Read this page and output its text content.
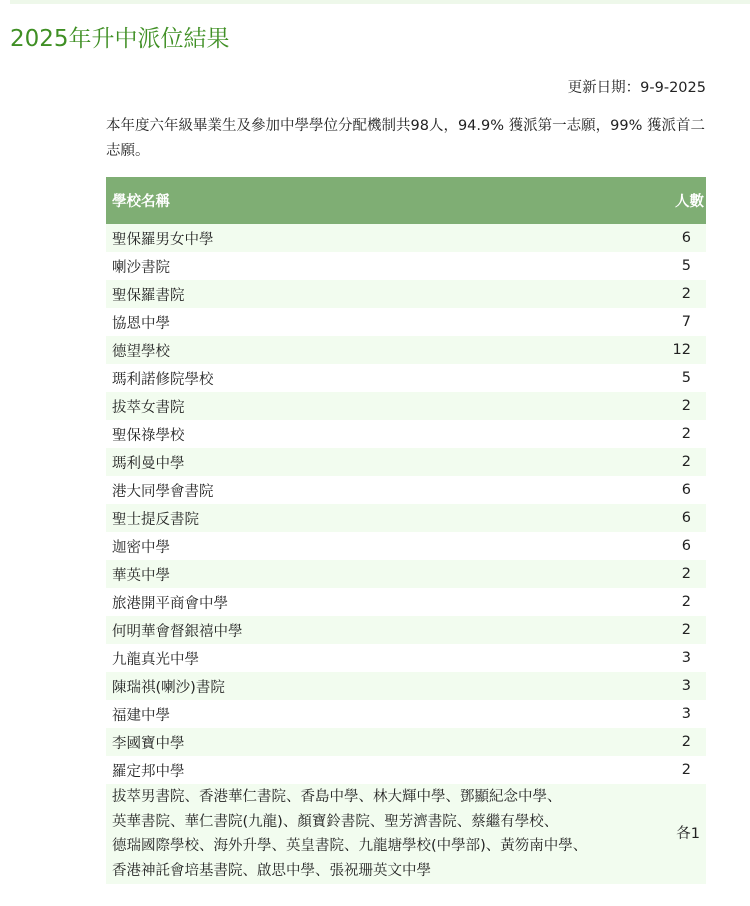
2025年升中派位結果
更新日期：9-9-2025

本年度六年級畢業生及參加中學學位分配機制共98人，94.9% 獲派第一志願，99% 獲派首二志願。

學校名稱	人數
聖保羅男女中學	6
喇沙書院	5
聖保羅書院	2
協恩中學	7
德望學校	12
瑪利諾修院學校	5
拔萃女書院	2
聖保祿學校	2
瑪利曼中學	2
港大同學會書院	6
聖士提反書院	6
迦密中學	6
華英中學	2
旅港開平商會中學	2
何明華會督銀禧中學	2
九龍真光中學	3
陳瑞祺(喇沙)書院	3
福建中學	3
李國寶中學	2
羅定邦中學	2

拔萃男書院、香港華仁書院、香島中學、林大輝中學、鄧顯紀念中學、
英華書院、華仁書院(九龍)、顏寶鈴書院、聖芳濟書院、蔡繼有學校、
德瑞國際學校、海外升學、英皇書院、九龍塘學校(中學部)、黃笏南中學、
香港神託會培基書院、啟思中學、張祝珊英文中學	各1
